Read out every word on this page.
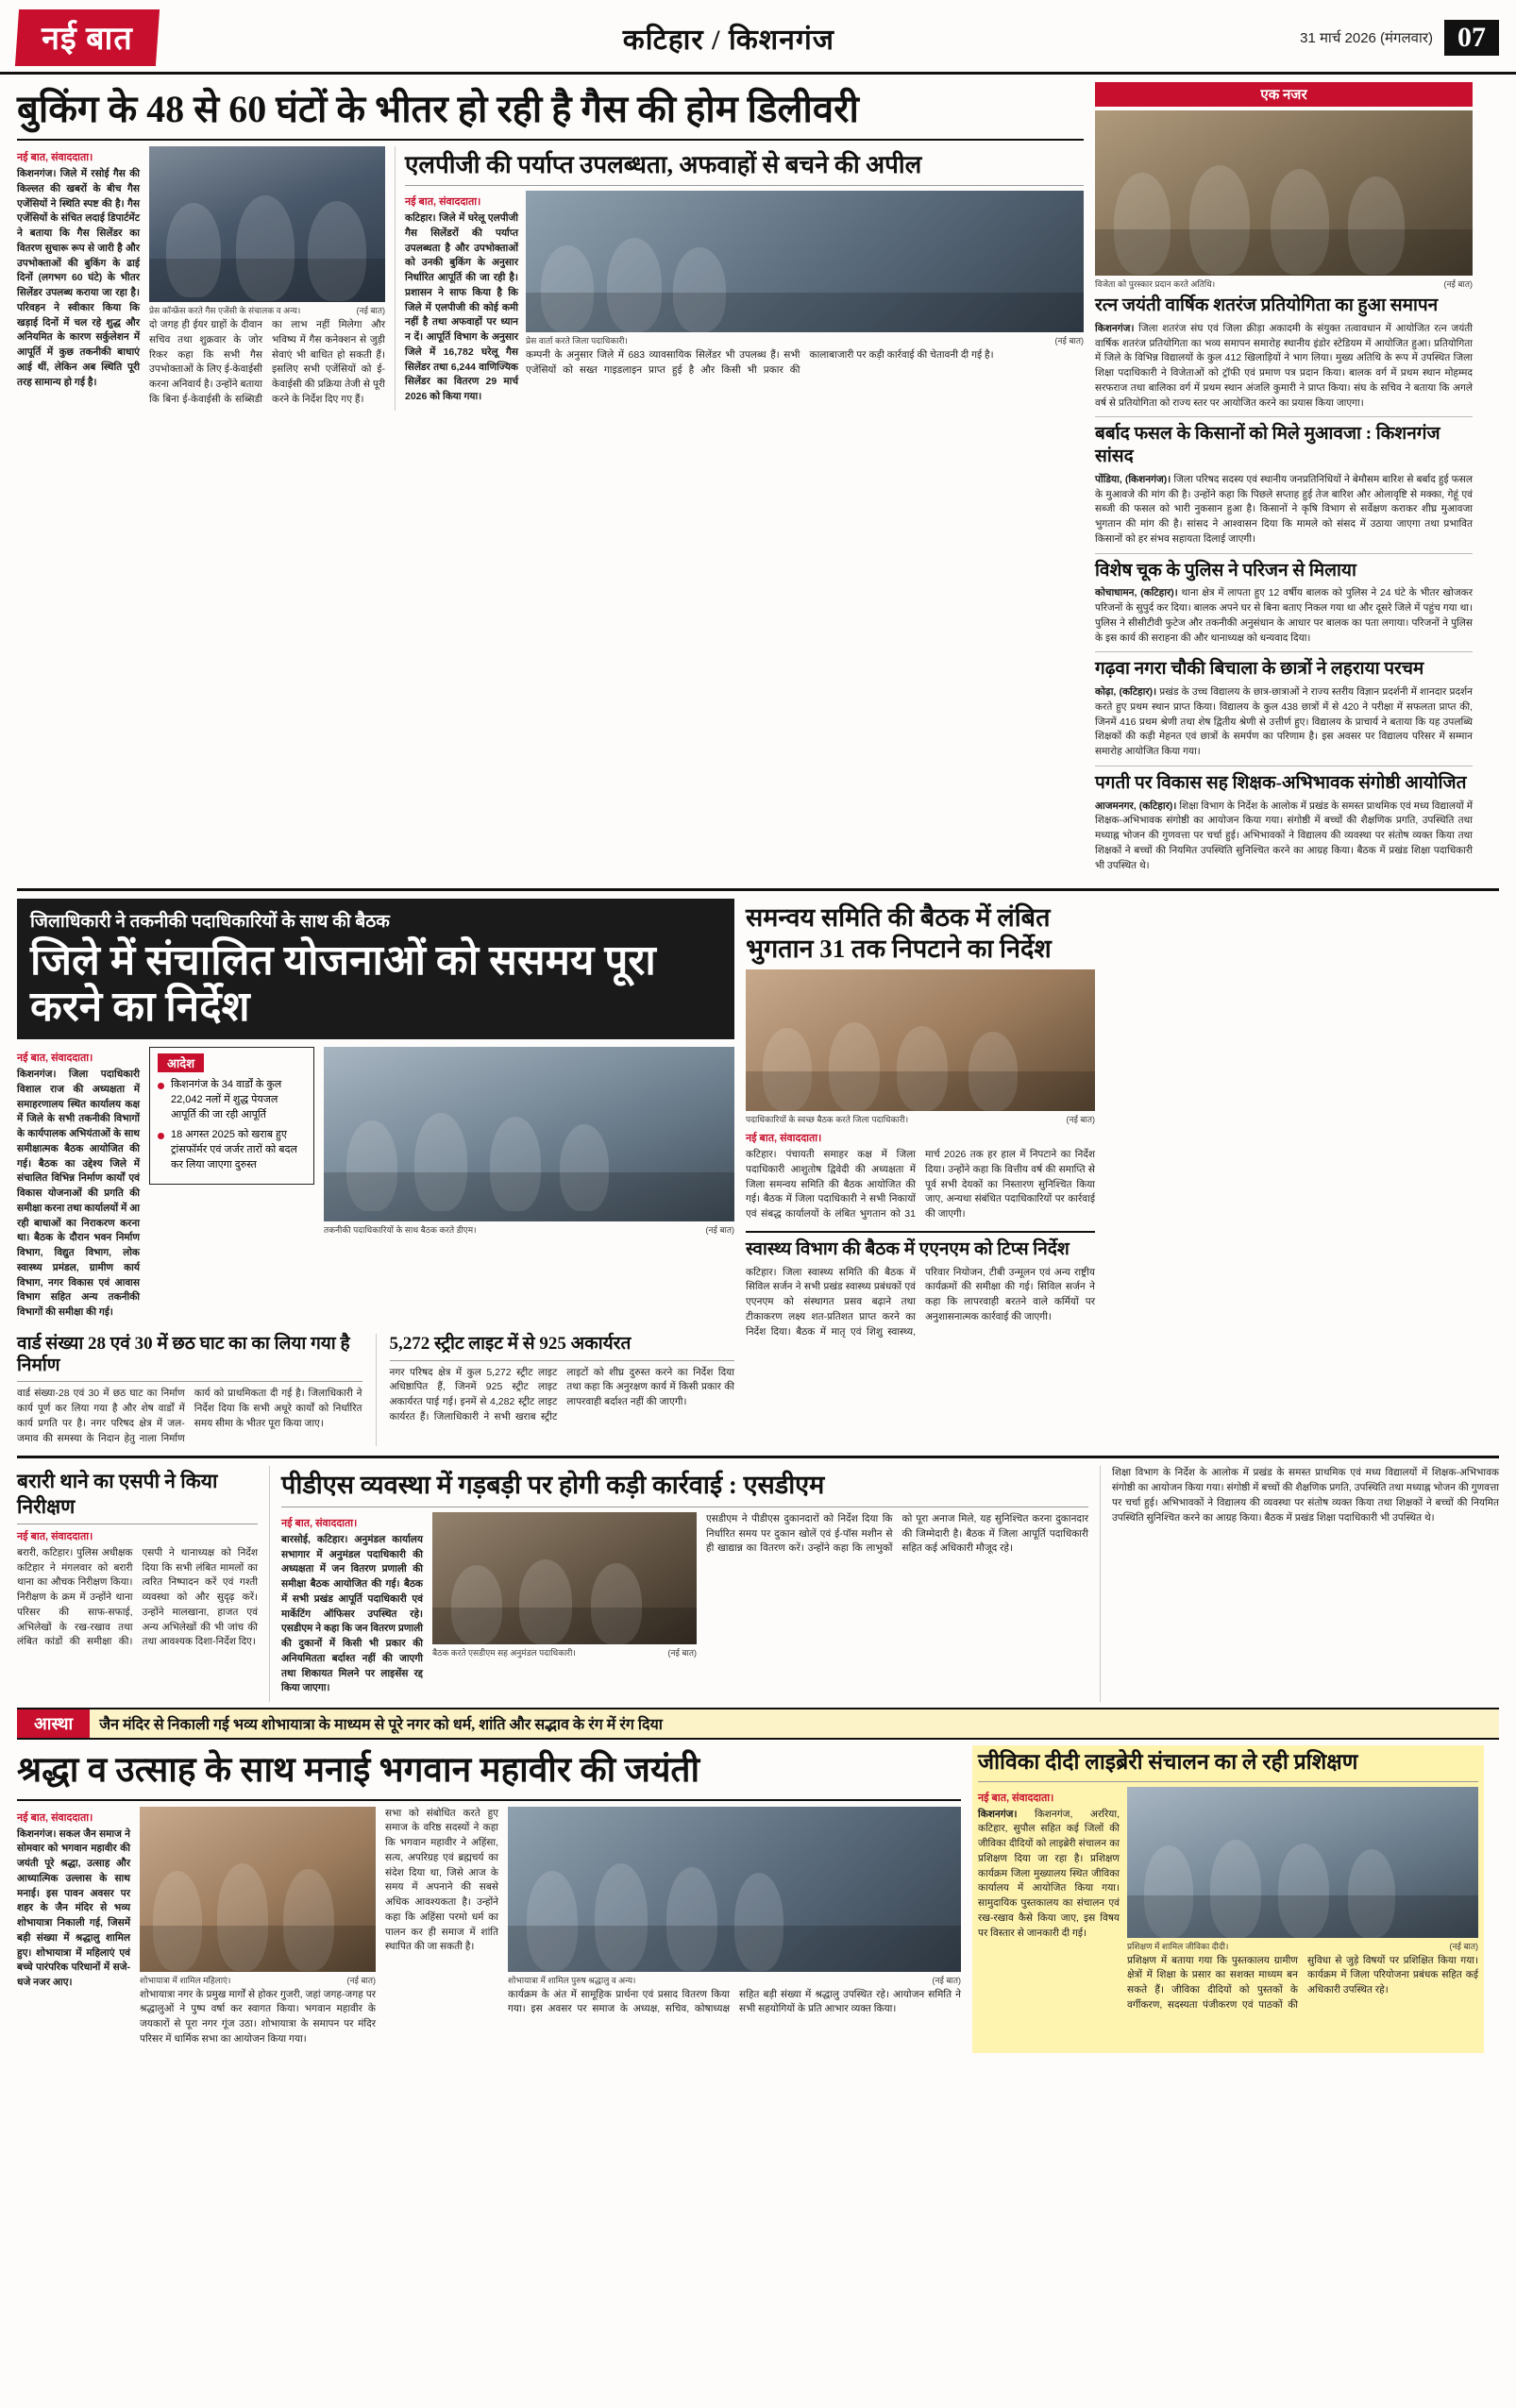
नई बात	कटिहार / किशनगंज	31 मार्च 2026 (मंगलवार) 07
बुकिंग के 48 से 60 घंटों के भीतर हो रही है गैस की होम डिलीवरी
नई बात, संवाददाता।

किशनगंज। जिले में रसोई गैस की किल्लत की खबरों के बीच गैस एजेंसियों ने स्थिति स्पष्ट की है। गैस एजेंसियों के संचित लदाई डिपार्टमेंट ने बताया कि गैस सिलेंडर का वितरण सुचारू रूप से जारी है और उपभोक्ताओं की बुकिंग के ढाई दिनों (लगभग 60 घंटे) के भीतर सिलेंडर उपलब्ध कराया जा रहा है। परिवहन ने स्वीकार किया कि खड़ाई दिनों में चल रहे शुद्ध और अनियमित के कारण सर्कुलेशन में आपूर्ति में कुछ तकनीकी बाधाएं आई थीं, लेकिन अब स्थिति पूरी तरह सामान्य हो गई है।

प्रेस कॉन्फ्रेंस करते गैस एजेंसी के संचालक व अन्य।	(नई बात)

दो जगह ही ईयर ग्राहों के दीवान सचिव तथा शुक्रवार के जोर रिकर कहा कि सभी गैस उपभोक्ताओं के लिए ई-केवाईसी करना अनिवार्य है। उन्होंने बताया कि बिना ई-केवाईसी के सब्सिडी का लाभ नहीं मिलेगा और भविष्य में गैस कनेक्शन से जुड़ी सेवाएं भी बाधित हो सकती हैं। इसलिए सभी एजेंसियों को ई-केवाईसी की प्रक्रिया तेजी से पूरी करने के निर्देश दिए गए हैं।

एलपीजी की पर्याप्त उपलब्धता, अफवाहों से बचने की अपील
नई बात, संवाददाता।

कटिहार। जिले में घरेलू एलपीजी गैस सिलेंडरों की पर्याप्त उपलब्धता है और उपभोक्ताओं को उनकी बुकिंग के अनुसार निर्धारित आपूर्ति की जा रही है। प्रशासन ने साफ किया है कि जिले में एलपीजी की कोई कमी नहीं है तथा अफवाहों पर ध्यान न दें। आपूर्ति विभाग के अनुसार जिले में 16,782 घरेलू गैस सिलेंडर तथा 6,244 वाणिज्यिक सिलेंडर का वितरण 29 मार्च 2026 को किया गया।

प्रेस वार्ता करते जिला पदाधिकारी।	(नई बात)

कम्पनी के अनुसार जिले में 683 व्यावसायिक सिलेंडर भी उपलब्ध हैं। सभी एजेंसियों को सख्त गाइडलाइन प्राप्त हुई है और किसी भी प्रकार की कालाबाजारी पर कड़ी कार्रवाई की चेतावनी दी गई है।

एक नजर
विजेता को पुरस्कार प्रदान करते अतिथि।	(नई बात)
रत्न जयंती वार्षिक शतरंज प्रतियोगिता का हुआ समापन

किशनगंज। जिला शतरंज संघ एवं जिला क्रीड़ा अकादमी के संयुक्त तत्वावधान में आयोजित रत्न जयंती वार्षिक शतरंज प्रतियोगिता का भव्य समापन समारोह स्थानीय इंडोर स्टेडियम में आयोजित हुआ। प्रतियोगिता में जिले के विभिन्न विद्यालयों के कुल 412 खिलाड़ियों ने भाग लिया। मुख्य अतिथि के रूप में उपस्थित जिला शिक्षा पदाधिकारी ने विजेताओं को ट्रॉफी एवं प्रमाण पत्र प्रदान किया। बालक वर्ग में प्रथम स्थान मोहम्मद सरफराज तथा बालिका वर्ग में प्रथम स्थान अंजलि कुमारी ने प्राप्त किया। संघ के सचिव ने बताया कि अगले वर्ष से प्रतियोगिता को राज्य स्तर पर आयोजित करने का प्रयास किया जाएगा।

बर्बाद फसल के किसानों को मिले मुआवजा : किशनगंज सांसद

पोंडिया, (किशनगंज)। जिला परिषद सदस्य एवं स्थानीय जनप्रतिनिधियों ने बेमौसम बारिश से बर्बाद हुई फसल के मुआवजे की मांग की है। उन्होंने कहा कि पिछले सप्ताह हुई तेज बारिश और ओलावृष्टि से मक्का, गेहूं एवं सब्जी की फसल को भारी नुकसान हुआ है। किसानों ने कृषि विभाग से सर्वेक्षण कराकर शीघ्र मुआवजा भुगतान की मांग की है। सांसद ने आश्वासन दिया कि मामले को संसद में उठाया जाएगा तथा प्रभावित किसानों को हर संभव सहायता दिलाई जाएगी।

विशेष चूक के पुलिस ने परिजन से मिलाया

कोचाधामन, (कटिहार)। थाना क्षेत्र में लापता हुए 12 वर्षीय बालक को पुलिस ने 24 घंटे के भीतर खोजकर परिजनों के सुपुर्द कर दिया। बालक अपने घर से बिना बताए निकल गया था और दूसरे जिले में पहुंच गया था। पुलिस ने सीसीटीवी फुटेज और तकनीकी अनुसंधान के आधार पर बालक का पता लगाया। परिजनों ने पुलिस के इस कार्य की सराहना की और थानाध्यक्ष को धन्यवाद दिया।

गढ़वा नगरा चौकी बिचाला के छात्रों ने लहराया परचम

कोढ़ा, (कटिहार)। प्रखंड के उच्च विद्यालय के छात्र-छात्राओं ने राज्य स्तरीय विज्ञान प्रदर्शनी में शानदार प्रदर्शन करते हुए प्रथम स्थान प्राप्त किया। विद्यालय के कुल 438 छात्रों में से 420 ने परीक्षा में सफलता प्राप्त की, जिनमें 416 प्रथम श्रेणी तथा शेष द्वितीय श्रेणी से उत्तीर्ण हुए। विद्यालय के प्राचार्य ने बताया कि यह उपलब्धि शिक्षकों की कड़ी मेहनत एवं छात्रों के समर्पण का परिणाम है। इस अवसर पर विद्यालय परिसर में सम्मान समारोह आयोजित किया गया।

पगती पर विकास सह शिक्षक-अभिभावक संगोष्ठी आयोजित

आजमनगर, (कटिहार)। शिक्षा विभाग के निर्देश के आलोक में प्रखंड के समस्त प्राथमिक एवं मध्य विद्यालयों में शिक्षक-अभिभावक संगोष्ठी का आयोजन किया गया। संगोष्ठी में बच्चों की शैक्षणिक प्रगति, उपस्थिति तथा मध्याह्न भोजन की गुणवत्ता पर चर्चा हुई। अभिभावकों ने विद्यालय की व्यवस्था पर संतोष व्यक्त किया तथा शिक्षकों ने बच्चों की नियमित उपस्थिति सुनिश्चित करने का आग्रह किया। बैठक में प्रखंड शिक्षा पदाधिकारी भी उपस्थित थे।

जिलाधिकारी ने तकनीकी पदाधिकारियों के साथ की बैठक
जिले में संचालित योजनाओं को ससमय पूरा करने का निर्देश
नई बात, संवाददाता।

किशनगंज। जिला पदाधिकारी विशाल राज की अध्यक्षता में समाहरणालय स्थित कार्यालय कक्ष में जिले के सभी तकनीकी विभागों के कार्यपालक अभियंताओं के साथ समीक्षात्मक बैठक आयोजित की गई। बैठक का उद्देश्य जिले में संचालित विभिन्न निर्माण कार्यों एवं विकास योजनाओं की प्रगति की समीक्षा करना तथा कार्यालयों में आ रही बाधाओं का निराकरण करना था। बैठक के दौरान भवन निर्माण विभाग, विद्युत विभाग, लोक स्वास्थ्य प्रमंडल, ग्रामीण कार्य विभाग, नगर विकास एवं आवास विभाग सहित अन्य तकनीकी विभागों की समीक्षा की गई।

आदेश
किशनगंज के 34 वार्डों के कुल 22,042 नलों में शुद्ध पेयजल आपूर्ति की जा रही आपूर्ति
18 अगस्त 2025 को खराब हुए ट्रांसफॉर्मर एवं जर्जर तारों को बदल कर लिया जाएगा दुरुस्त
तकनीकी पदाधिकारियों के साथ बैठक करते डीएम।	(नई बात)
वार्ड संख्या 28 एवं 30 में छठ घाट का का लिया गया है निर्माण

वार्ड संख्या-28 एवं 30 में छठ घाट का निर्माण कार्य पूर्ण कर लिया गया है और शेष वार्डों में कार्य प्रगति पर है। नगर परिषद क्षेत्र में जल-जमाव की समस्या के निदान हेतु नाला निर्माण कार्य को प्राथमिकता दी गई है। जिलाधिकारी ने निर्देश दिया कि सभी अधूरे कार्यों को निर्धारित समय सीमा के भीतर पूरा किया जाए।

5,272 स्ट्रीट लाइट में से 925 अकार्यरत

नगर परिषद क्षेत्र में कुल 5,272 स्ट्रीट लाइट अधिष्ठापित हैं, जिनमें 925 स्ट्रीट लाइट अकार्यरत पाई गई। इनमें से 4,282 स्ट्रीट लाइट कार्यरत हैं। जिलाधिकारी ने सभी खराब स्ट्रीट लाइटों को शीघ्र दुरुस्त करने का निर्देश दिया तथा कहा कि अनुरक्षण कार्य में किसी प्रकार की लापरवाही बर्दाश्त नहीं की जाएगी।

समन्वय समिति की बैठक में लंबित भुगतान 31 तक निपटाने का निर्देश
पदाधिकारियों के स्वच्छ बैठक करते जिला पदाधिकारी।	(नई बात)
नई बात, संवाददाता।

कटिहार। पंचायती समाहर कक्ष में जिला पदाधिकारी आशुतोष द्विवेदी की अध्यक्षता में जिला समन्वय समिति की बैठक आयोजित की गई। बैठक में जिला पदाधिकारी ने सभी निकायों एवं संबद्ध कार्यालयों के लंबित भुगतान को 31 मार्च 2026 तक हर हाल में निपटाने का निर्देश दिया। उन्होंने कहा कि वित्तीय वर्ष की समाप्ति से पूर्व सभी देयकों का निस्तारण सुनिश्चित किया जाए, अन्यथा संबंधित पदाधिकारियों पर कार्रवाई की जाएगी।

स्वास्थ्य विभाग की बैठक में एएनएम को टिप्स निर्देश

कटिहार। जिला स्वास्थ्य समिति की बैठक में सिविल सर्जन ने सभी प्रखंड स्वास्थ्य प्रबंधकों एवं एएनएम को संस्थागत प्रसव बढ़ाने तथा टीकाकरण लक्ष्य शत-प्रतिशत प्राप्त करने का निर्देश दिया। बैठक में मातृ एवं शिशु स्वास्थ्य, परिवार नियोजन, टीबी उन्मूलन एवं अन्य राष्ट्रीय कार्यक्रमों की समीक्षा की गई। सिविल सर्जन ने कहा कि लापरवाही बरतने वाले कर्मियों पर अनुशासनात्मक कार्रवाई की जाएगी।

बरारी थाने का एसपी ने किया निरीक्षण
नई बात, संवाददाता।

बरारी, कटिहार। पुलिस अधीक्षक कटिहार ने मंगलवार को बरारी थाना का औचक निरीक्षण किया। निरीक्षण के क्रम में उन्होंने थाना परिसर की साफ-सफाई, अभिलेखों के रख-रखाव तथा लंबित कांडों की समीक्षा की। एसपी ने थानाध्यक्ष को निर्देश दिया कि सभी लंबित मामलों का त्वरित निष्पादन करें एवं गश्ती व्यवस्था को और सुदृढ़ करें। उन्होंने मालखाना, हाजत एवं अन्य अभिलेखों की भी जांच की तथा आवश्यक दिशा-निर्देश दिए।

पीडीएस व्यवस्था में गड़बड़ी पर होगी कड़ी कार्रवाई : एसडीएम
नई बात, संवाददाता।

बारसोई, कटिहार। अनुमंडल कार्यालय सभागार में अनुमंडल पदाधिकारी की अध्यक्षता में जन वितरण प्रणाली की समीक्षा बैठक आयोजित की गई। बैठक में सभी प्रखंड आपूर्ति पदाधिकारी एवं मार्केटिंग ऑफिसर उपस्थित रहे। एसडीएम ने कहा कि जन वितरण प्रणाली की दुकानों में किसी भी प्रकार की अनियमितता बर्दाश्त नहीं की जाएगी तथा शिकायत मिलने पर लाइसेंस रद्द किया जाएगा।

बैठक करते एसडीएम सह अनुमंडल पदाधिकारी।	(नई बात)

एसडीएम ने पीडीएस दुकानदारों को निर्देश दिया कि निर्धारित समय पर दुकान खोलें एवं ई-पॉस मशीन से ही खाद्यान्न का वितरण करें। उन्होंने कहा कि लाभुकों को पूरा अनाज मिले, यह सुनिश्चित करना दुकानदार की जिम्मेदारी है। बैठक में जिला आपूर्ति पदाधिकारी सहित कई अधिकारी मौजूद रहे।

शिक्षा विभाग के निर्देश के आलोक में प्रखंड के समस्त प्राथमिक एवं मध्य विद्यालयों में शिक्षक-अभिभावक संगोष्ठी का आयोजन किया गया। संगोष्ठी में बच्चों की शैक्षणिक प्रगति, उपस्थिति तथा मध्याह्न भोजन की गुणवत्ता पर चर्चा हुई। अभिभावकों ने विद्यालय की व्यवस्था पर संतोष व्यक्त किया तथा शिक्षकों ने बच्चों की नियमित उपस्थिति सुनिश्चित करने का आग्रह किया। बैठक में प्रखंड शिक्षा पदाधिकारी भी उपस्थित थे।

आस्था	जैन मंदिर से निकाली गई भव्य शोभायात्रा के माध्यम से पूरे नगर को धर्म, शांति और सद्भाव के रंग में रंग दिया
श्रद्धा व उत्साह के साथ मनाई भगवान महावीर की जयंती
नई बात, संवाददाता।

किशनगंज। सकल जैन समाज ने सोमवार को भगवान महावीर की जयंती पूरे श्रद्धा, उत्साह और आध्यात्मिक उल्लास के साथ मनाई। इस पावन अवसर पर शहर के जैन मंदिर से भव्य शोभायात्रा निकाली गई, जिसमें बड़ी संख्या में श्रद्धालु शामिल हुए। शोभायात्रा में महिलाएं एवं बच्चे पारंपरिक परिधानों में सजे-धजे नजर आए।	शोभायात्रा में शामिल महिलाएं।	(नई बात)

शोभायात्रा नगर के प्रमुख मार्गों से होकर गुजरी, जहां जगह-जगह पर श्रद्धालुओं ने पुष्प वर्षा कर स्वागत किया। भगवान महावीर के जयकारों से पूरा नगर गूंज उठा। शोभायात्रा के समापन पर मंदिर परिसर में धार्मिक सभा का आयोजन किया गया।

सभा को संबोधित करते हुए समाज के वरिष्ठ सदस्यों ने कहा कि भगवान महावीर ने अहिंसा, सत्य, अपरिग्रह एवं ब्रह्मचर्य का संदेश दिया था, जिसे आज के समय में अपनाने की सबसे अधिक आवश्यकता है। उन्होंने कहा कि अहिंसा परमो धर्म का पालन कर ही समाज में शांति स्थापित की जा सकती है।

शोभायात्रा में शामिल पुरुष श्रद्धालु व अन्य।	(नई बात)

कार्यक्रम के अंत में सामूहिक प्रार्थना एवं प्रसाद वितरण किया गया। इस अवसर पर समाज के अध्यक्ष, सचिव, कोषाध्यक्ष सहित बड़ी संख्या में श्रद्धालु उपस्थित रहे। आयोजन समिति ने सभी सहयोगियों के प्रति आभार व्यक्त किया।

जीविका दीदी लाइब्रेरी संचालन का ले रही प्रशिक्षण
नई बात, संवाददाता।

किशनगंज। किशनगंज, अररिया, कटिहार, सुपौल सहित कई जिलों की जीविका दीदियों को लाइब्रेरी संचालन का प्रशिक्षण दिया जा रहा है। प्रशिक्षण कार्यक्रम जिला मुख्यालय स्थित जीविका कार्यालय में आयोजित किया गया। सामुदायिक पुस्तकालय का संचालन एवं रख-रखाव कैसे किया जाए, इस विषय पर विस्तार से जानकारी दी गई।

प्रशिक्षण में शामिल जीविका दीदी।	(नई बात)

प्रशिक्षण में बताया गया कि पुस्तकालय ग्रामीण क्षेत्रों में शिक्षा के प्रसार का सशक्त माध्यम बन सकते हैं। जीविका दीदियों को पुस्तकों के वर्गीकरण, सदस्यता पंजीकरण एवं पाठकों की सुविधा से जुड़े विषयों पर प्रशिक्षित किया गया। कार्यक्रम में जिला परियोजना प्रबंधक सहित कई अधिकारी उपस्थित रहे।
